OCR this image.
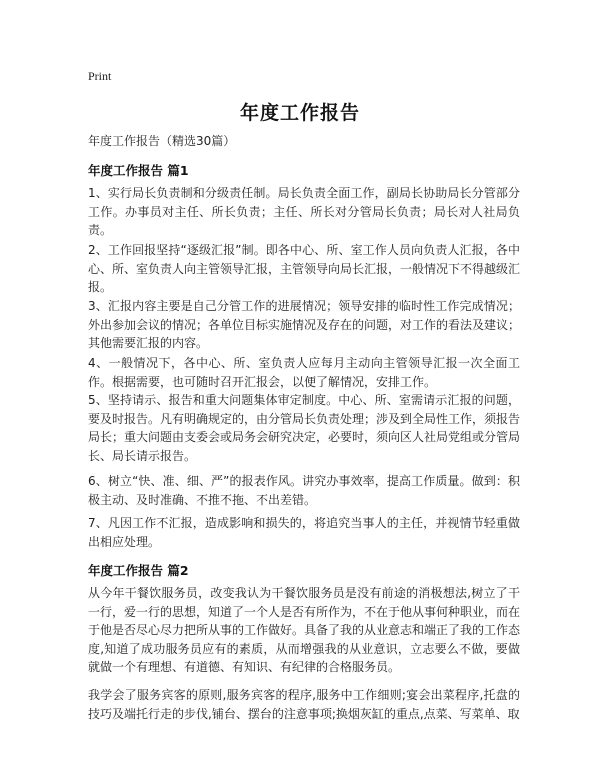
Print
年度工作报告
年度工作报告（精选30篇）
年度工作报告 篇1
1、实行局长负责制和分级责任制。局长负责全面工作，副局长协助局长分管部分工作。办事员对主任、所长负责；主任、所长对分管局长负责；局长对人社局负责。
2、工作回报坚持“逐级汇报”制。即各中心、所、室工作人员向负责人汇报，各中心、所、室负责人向主管领导汇报，主管领导向局长汇报，一般情况下不得越级汇报。
3、汇报内容主要是自己分管工作的进展情况；领导安排的临时性工作完成情况；外出参加会议的情况；各单位目标实施情况及存在的问题，对工作的看法及建议；其他需要汇报的内容。
4、一般情况下，各中心、所、室负责人应每月主动向主管领导汇报一次全面工作。根据需要，也可随时召开汇报会，以便了解情况，安排工作。
5、坚持请示、报告和重大问题集体审定制度。中心、所、室需请示汇报的问题，要及时报告。凡有明确规定的，由分管局长负责处理；涉及到全局性工作，须报告局长；重大问题由支委会或局务会研究决定，必要时，须向区人社局党组或分管局长、局长请示报告。
6、树立“快、准、细、严”的报表作风。讲究办事效率，提高工作质量。做到：积极主动、及时准确、不推不拖、不出差错。
7、凡因工作不汇报，造成影响和损失的，将追究当事人的主任，并视情节轻重做出相应处理。
年度工作报告 篇2
从今年干餐饮服务员，改变我认为干餐饮服务员是没有前途的消极想法,树立了干一行，爱一行的思想，知道了一个人是否有所作为，不在于他从事何种职业，而在于他是否尽心尽力把所从事的工作做好。具备了我的从业意志和端正了我的工作态度,知道了成功服务员应有的素质，从而增强我的从业意识，立志要么不做，要做就做一个有理想、有道德、有知识、有纪律的合格服务员。
我学会了服务宾客的原则,服务宾客的程序,服务中工作细则;宴会出菜程序,托盘的技巧及端托行走的步伐,铺台、摆台的注意事项;换烟灰缸的重点,点菜、写菜单、取
